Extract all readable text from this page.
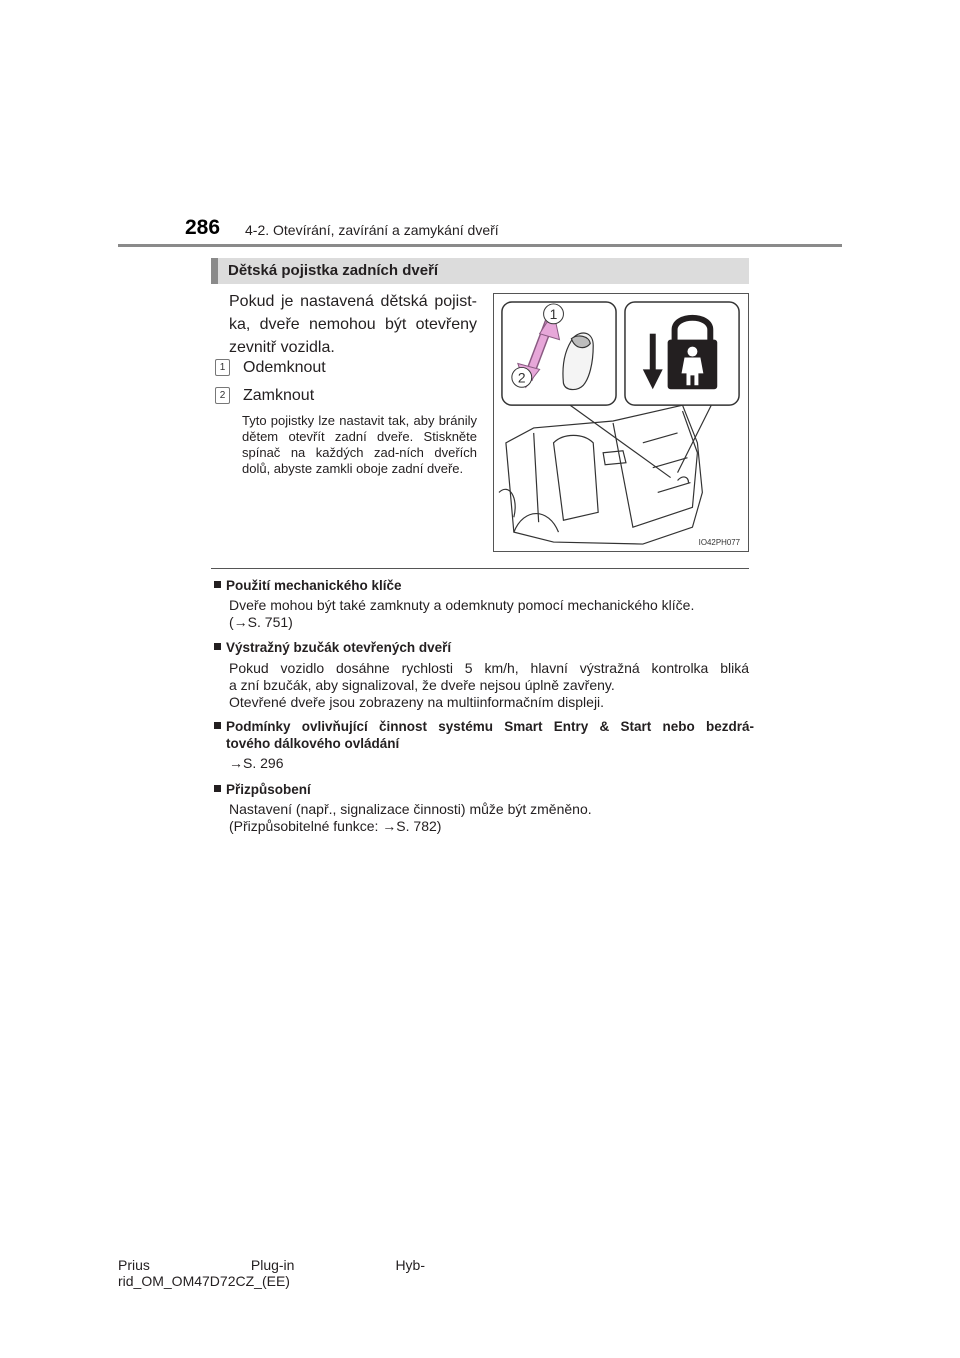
286 4-2. Otevírání, zavírání a zamykání dveří
Dětská pojistka zadních dveří
Pokud je nastavená dětská pojist-ka, dveře nemohou být otevřeny zevnitř vozidla.
1 Odemknout
2 Zamknout
Tyto pojistky lze nastavit tak, aby bránily dětem otevřít zadní dveře. Stiskněte spínač na každých zad-ních dveřích dolů, abyste zamkli oboje zadní dveře.
1
2
IO42PH077
Použití mechanického klíče
Dveře mohou být také zamknuty a odemknuty pomocí mechanického klíče.
(→S. 751)
Výstražný bzučák otevřených dveří
Pokud vozidlo dosáhne rychlosti 5 km/h, hlavní výstražná kontrolka bliká
a zní bzučák, aby signalizoval, že dveře nejsou úplně zavřeny.
Otevřené dveře jsou zobrazeny na multiinformačním displeji.
Podmínky ovlivňující činnost systému Smart Entry & Start nebo bezdrá-
tového dálkového ovládání
→S. 296
Přizpůsobení
Nastavení (např., signalizace činnosti) může být změněno.
(Přizpůsobitelné funkce: →S. 782)
Prius	Plug-in	Hyb-
rid_OM_OM47D72CZ_(EE)
